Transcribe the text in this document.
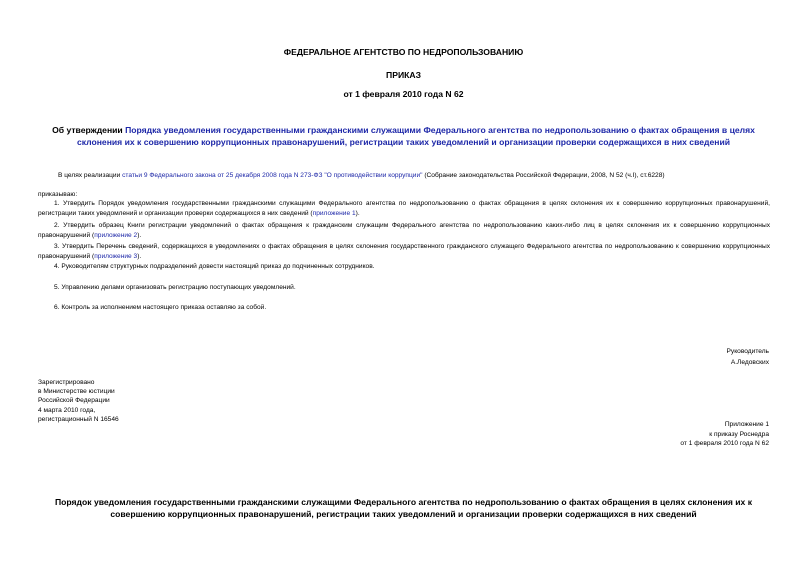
ФЕДЕРАЛЬНОЕ АГЕНТСТВО ПО НЕДРОПОЛЬЗОВАНИЮ
ПРИКАЗ
от 1 февраля 2010 года N 62
Об утверждении Порядка уведомления государственными гражданскими служащими Федерального агентства по недропользованию о фактах обращения в целях склонения их к совершению коррупционных правонарушений, регистрации таких уведомлений и организации проверки содержащихся в них сведений
В целях реализации статьи 9 Федерального закона от 25 декабря 2008 года N 273-ФЗ "О противодействии коррупции" (Собрание законодательства Российской Федерации, 2008, N 52 (ч.I), ст.6228)
приказываю:
1. Утвердить Порядок уведомления государственными гражданскими служащими Федерального агентства по недропользованию о фактах обращения в целях склонения их к совершению коррупционных правонарушений, регистрации таких уведомлений и организации проверки содержащихся в них сведений (приложение 1).
2. Утвердить образец Книги регистрации уведомлений о фактах обращения к гражданским служащим Федерального агентства по недропользованию каких-либо лиц в целях склонения их к совершению коррупционных правонарушений (приложение 2).
3. Утвердить Перечень сведений, содержащихся в уведомлениях о фактах обращения в целях склонения государственного гражданского служащего Федерального агентства по недропользованию к совершению коррупционных правонарушений (приложение 3).
4. Руководителям структурных подразделений довести настоящий приказ до подчиненных сотрудников.
5. Управлению делами организовать регистрацию поступающих уведомлений.
6. Контроль за исполнением настоящего приказа оставляю за собой.
Руководитель
А.Ледовских
Зарегистрировано
в Министерстве юстиции
Российской Федерации
4 марта 2010 года,
регистрационный N 16546
Приложение 1
к приказу Роснедра
от 1 февраля 2010 года N 62
Порядок уведомления государственными гражданскими служащими Федерального агентства по недропользованию о фактах обращения в целях склонения их к совершению коррупционных правонарушений, регистрации таких уведомлений и организации проверки содержащихся в них сведений
